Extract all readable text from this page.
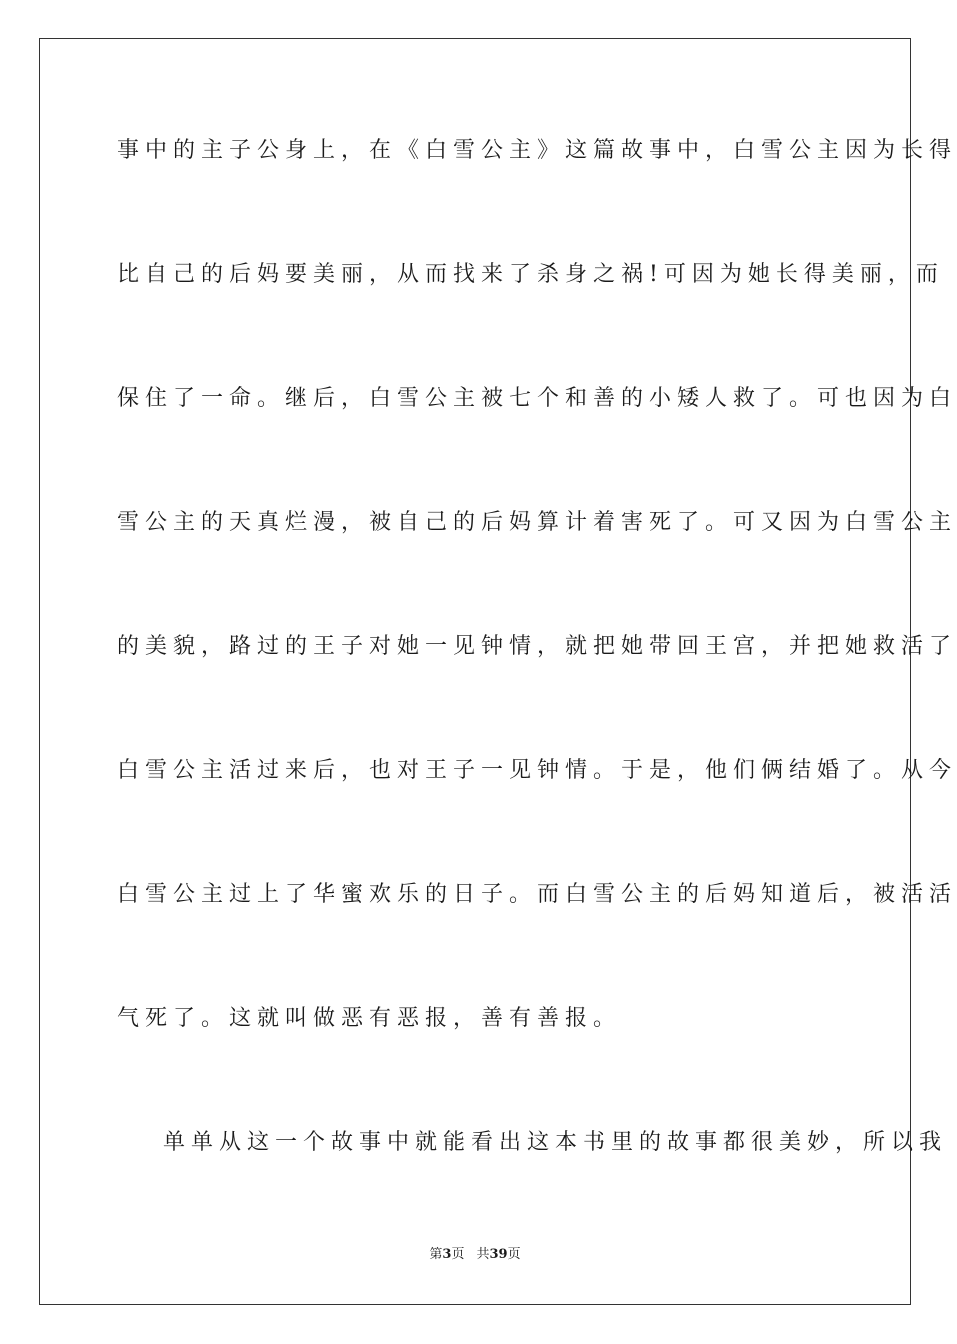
事中的主子公身上，在《白雪公主》这篇故事中，白雪公主因为长得
比自己的后妈要美丽，从而找来了杀身之祸!可因为她长得美丽，而
保住了一命。继后，白雪公主被七个和善的小矮人救了。可也因为白
雪公主的天真烂漫，被自己的后妈算计着害死了。可又因为白雪公主
的美貌，路过的王子对她一见钟情，就把她带回王宫，并把她救活了
白雪公主活过来后，也对王子一见钟情。于是，他们俩结婚了。从今
白雪公主过上了华蜜欢乐的日子。而白雪公主的后妈知道后，被活活
气死了。这就叫做恶有恶报，善有善报。
单单从这一个故事中就能看出这本书里的故事都很美妙，所以我
第3页 共39页
